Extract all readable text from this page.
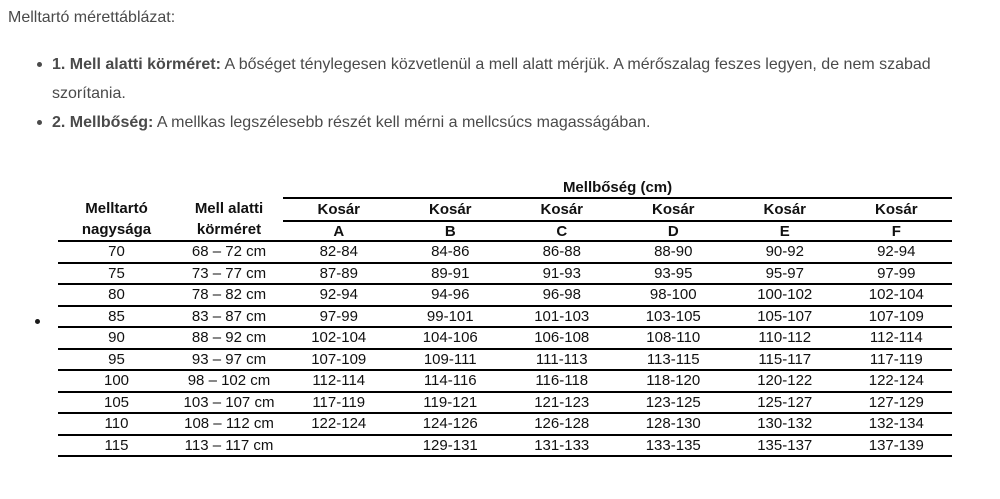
Melltartó mérettáblázat:
1. Mell alatti körméret: A bőséget ténylegesen közvetlenül a mell alatt mérjük. A mérőszalag feszes legyen, de nem szabad szorítania.
2. Mellbőség: A mellkas legszélesebb részét kell mérni a mellcsúcs magasságában.
		Mellbőség (cm)					
Melltartó
nagysága	Mell alatti
körméret	Kosár	Kosár	Kosár	Kosár	Kosár	Kosár
		A	B	C	D	E	F
70	68 – 72 cm	82-84	84-86	86-88	88-90	90-92	92-94
75	73 – 77 cm	87-89	89-91	91-93	93-95	95-97	97-99
80	78 – 82 cm	92-94	94-96	96-98	98-100	100-102	102-104
85	83 – 87 cm	97-99	99-101	101-103	103-105	105-107	107-109
90	88 – 92 cm	102-104	104-106	106-108	108-110	110-112	112-114
95	93 – 97 cm	107-109	109-111	111-113	113-115	115-117	117-119
100	98 – 102 cm	112-114	114-116	116-118	118-120	120-122	122-124
105	103 – 107 cm	117-119	119-121	121-123	123-125	125-127	127-129
110	108 – 112 cm	122-124	124-126	126-128	128-130	130-132	132-134
115	113 – 117 cm		129-131	131-133	133-135	135-137	137-139
